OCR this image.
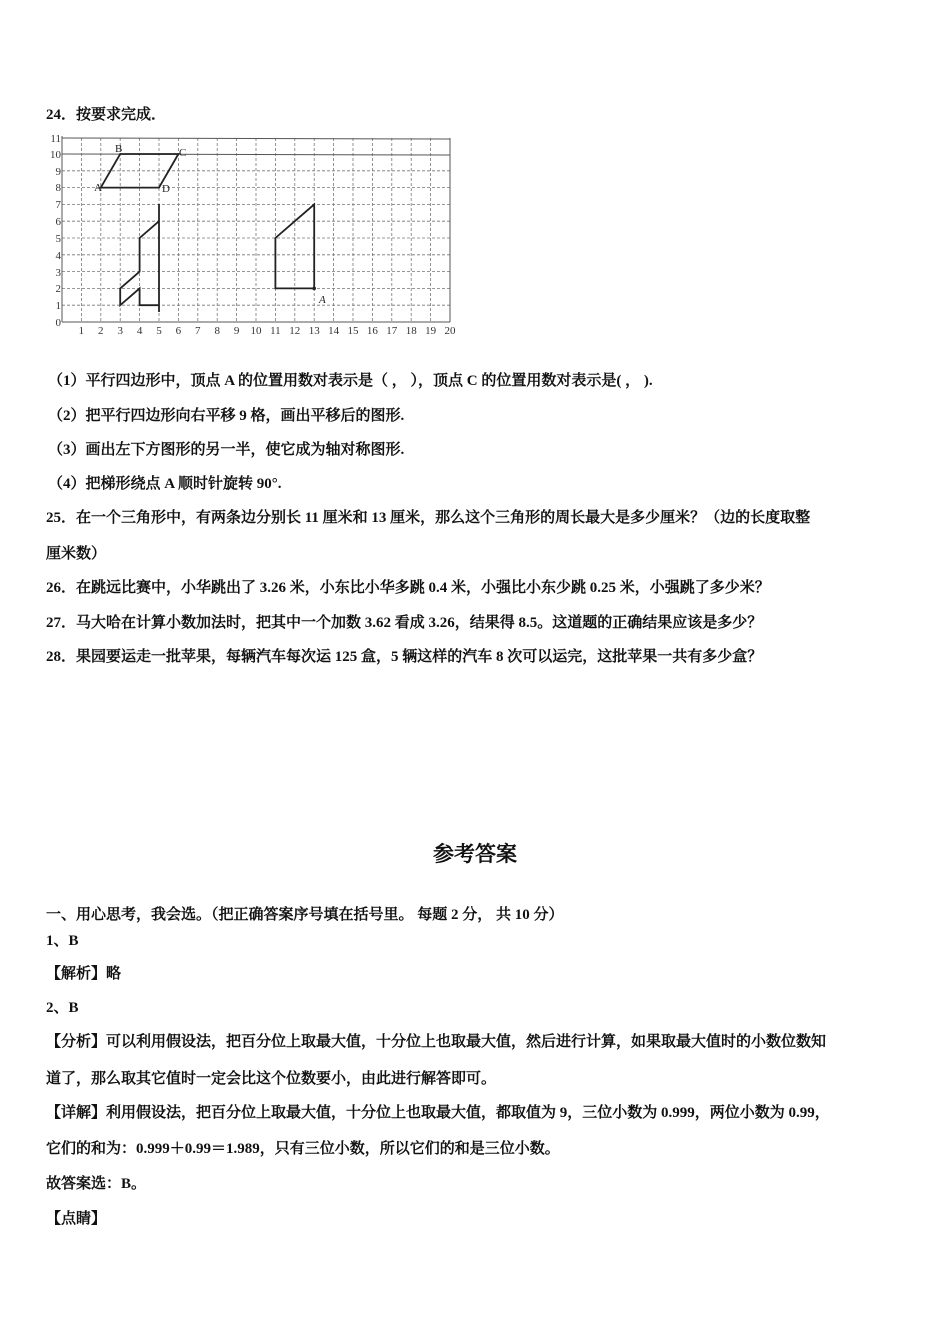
24．按要求完成．
A
B	C
D
A
0
1
2
3
4
5
6
7
8
9
10
11
1 2 3 4 5 6 7 8 9 10 11 12 13 14 15 16 17 18 19 20
（1）平行四边形中，顶点 A 的位置用数对表示是（ ， ），顶点 C 的位置用数对表示是( ， ).
（2）把平行四边形向右平移 9 格，画出平移后的图形.
（3）画出左下方图形的另一半，使它成为轴对称图形.
（4）把梯形绕点 A 顺时针旋转 90°.
25．在一个三角形中，有两条边分别长 11 厘米和 13 厘米，那么这个三角形的周长最大是多少厘米？（边的长度取整
厘米数）
26．在跳远比赛中，小华跳出了 3.26 米，小东比小华多跳 0.4 米，小强比小东少跳 0.25 米，小强跳了多少米？
27．马大哈在计算小数加法时，把其中一个加数 3.62 看成 3.26，结果得 8.5。这道题的正确结果应该是多少？
28．果园要运走一批苹果，每辆汽车每次运 125 盒，5 辆这样的汽车 8 次可以运完，这批苹果一共有多少盒？
参考答案
一、用心思考，我会选。（把正确答案序号填在括号里。 每题 2 分， 共 10 分）
1、B
【解析】略
2、B
【分析】可以利用假设法，把百分位上取最大值，十分位上也取最大值，然后进行计算，如果取最大值时的小数位数知
道了，那么取其它值时一定会比这个位数要小，由此进行解答即可。
【详解】利用假设法，把百分位上取最大值，十分位上也取最大值，都取值为 9，三位小数为 0.999，两位小数为 0.99，
它们的和为：0.999＋0.99＝1.989，只有三位小数，所以它们的和是三位小数。
故答案选：B。
【点睛】
